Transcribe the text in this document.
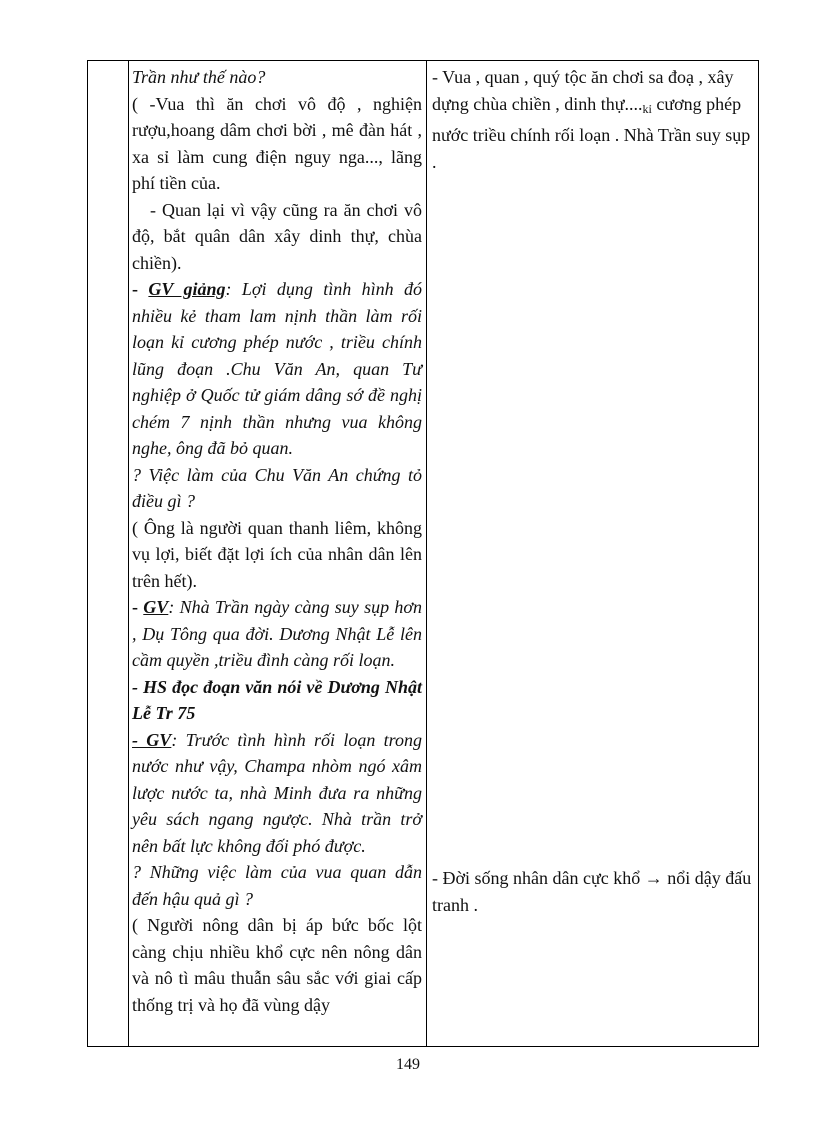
Trần như thế nào?

( -Vua thì ăn chơi vô độ , nghiện rượu,hoang dâm chơi bời , mê đàn hát , xa sỉ làm cung điện nguy nga..., lãng phí tiền của.

- Quan lại vì vậy cũng ra ăn chơi vô độ, bắt quân dân xây dinh thự, chùa chiền).

- GV giảng: Lợi dụng tình hình đó nhiều kẻ tham lam nịnh thần làm rối loạn kỉ cương phép nước , triều chính lũng đoạn .Chu Văn An, quan Tư nghiệp ở Quốc tử giám dâng sớ đề nghị chém 7 nịnh thần nhưng vua không nghe, ông đã bỏ quan.

? Việc làm của Chu Văn An chứng tỏ điều gì ?

( Ông là người quan thanh liêm, không vụ lợi, biết đặt lợi ích của nhân dân lên trên hết).

- GV: Nhà Trần ngày càng suy sụp hơn , Dụ Tông qua đời. Dương Nhật Lễ lên cầm quyền ,triều đình càng rối loạn.

- HS đọc đoạn văn nói về Dương Nhật Lễ Tr 75

- GV: Trước tình hình rối loạn trong nước như vậy, Champa nhòm ngó xâm lược nước ta, nhà Minh đưa ra những yêu sách ngang ngược. Nhà trần trở nên bất lực không đối phó được.

? Những việc làm của vua quan dẫn đến hậu quả gì ?

( Người nông dân bị áp bức bốc lột càng chịu nhiều khổ cực nên nông dân và nô tì mâu thuẫn sâu sắc với giai cấp thống trị và họ đã vùng dậy

- Vua , quan , quý tộc ăn chơi sa đoạ , xây dựng chùa chiền , dinh $thự...._{kỉ}$ cương phép nước triều chính rối loạn . Nhà Trần suy sụp .

- Đời sống nhân dân cực khổ → nổi dậy đấu tranh .

149
